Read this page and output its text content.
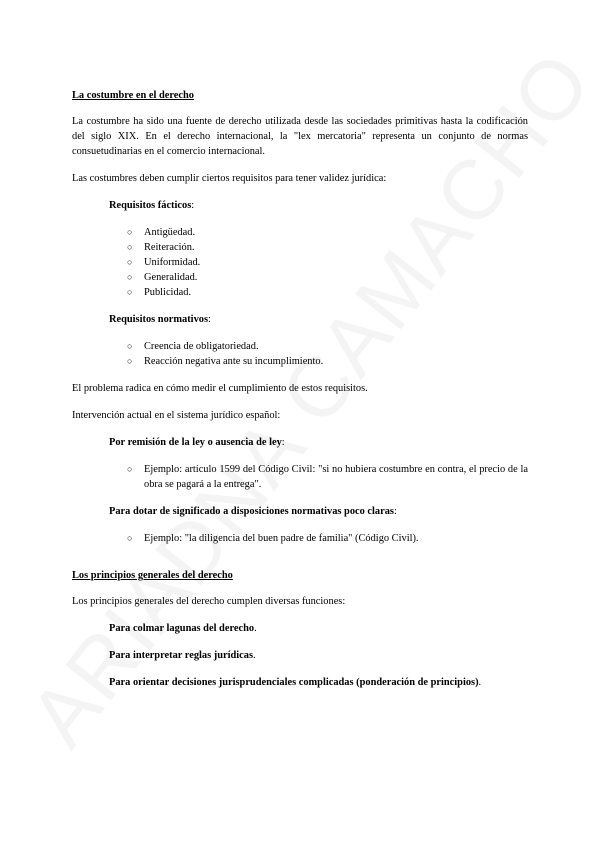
La costumbre en el derecho

La costumbre ha sido una fuente de derecho utilizada desde las sociedades primitivas hasta la codificación del siglo XIX. En el derecho internacional, la "lex mercatoria" representa un conjunto de normas consuetudinarias en el comercio internacional.

Las costumbres deben cumplir ciertos requisitos para tener validez jurídica:

Requisitos fácticos:
○ Antigüedad.
○ Reiteración.
○ Uniformidad.
○ Generalidad.
○ Publicidad.
Requisitos normativos:
○ Creencia de obligatoriedad.
○ Reacción negativa ante su incumplimiento.

El problema radica en cómo medir el cumplimiento de estos requisitos.

Intervención actual en el sistema jurídico español:

Por remisión de la ley o ausencia de ley:
○ Ejemplo: artículo 1599 del Código Civil: "si no hubiera costumbre en contra, el precio de la obra se pagará a la entrega".
Para dotar de significado a disposiciones normativas poco claras:
○ Ejemplo: "la diligencia del buen padre de familia" (Código Civil).
Los principios generales del derecho

Los principios generales del derecho cumplen diversas funciones:

Para colmar lagunas del derecho.
Para interpretar reglas jurídicas.
Para orientar decisiones jurisprudenciales complicadas (ponderación de principios).
